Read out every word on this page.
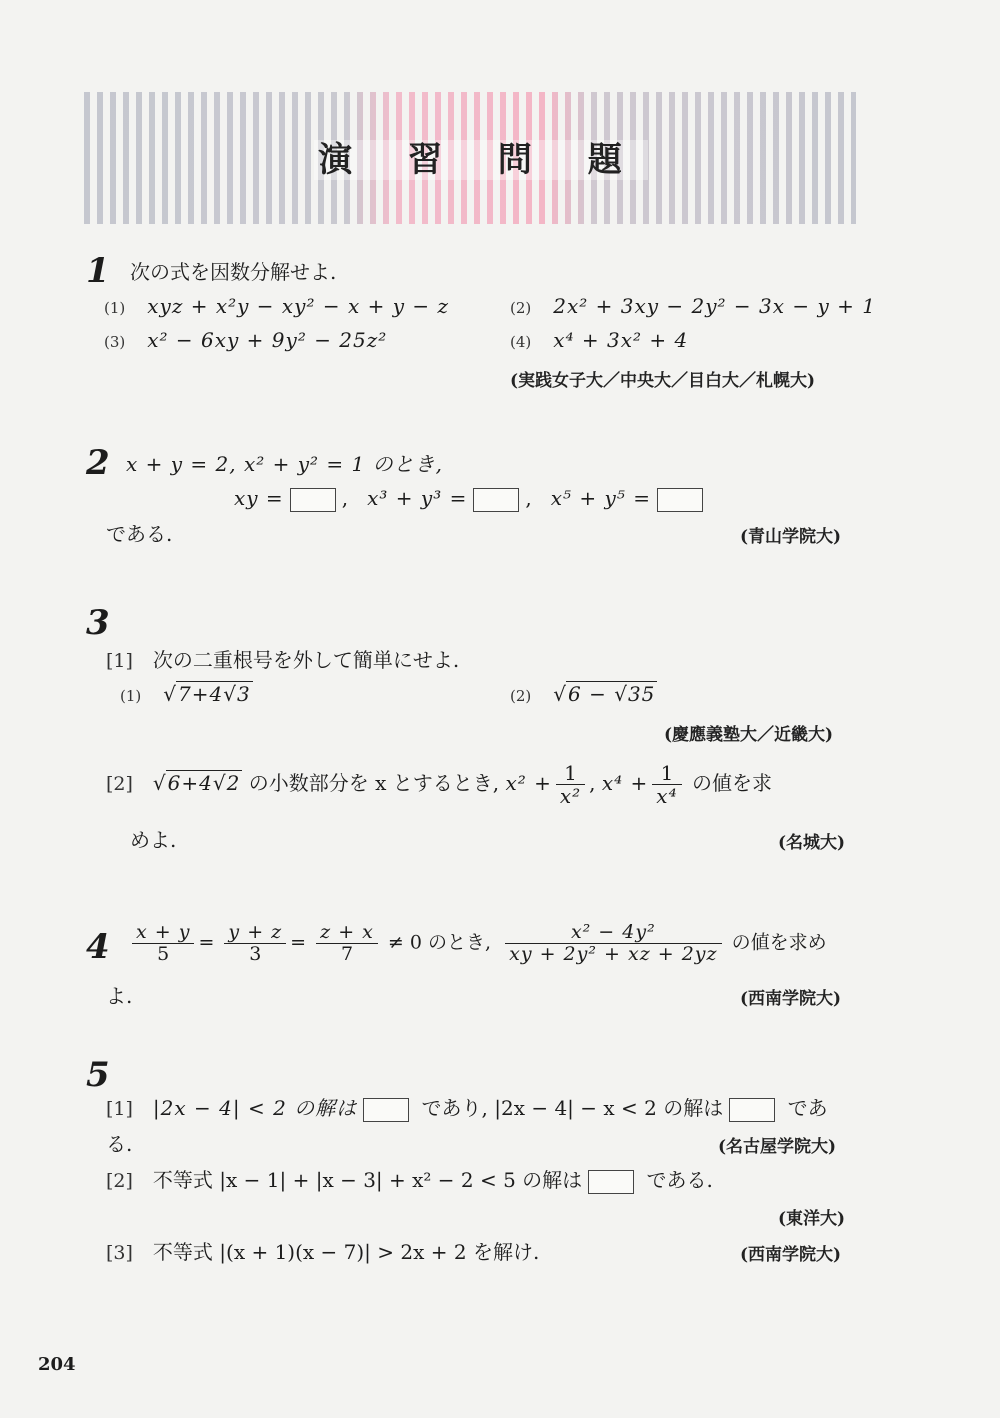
演 習 問 題
1 次の式を因数分解せよ.
(1) xyz + x²y − xy² − x + y − z	(2) 2x² + 3xy − 2y² − 3x − y + 1
(3) x² − 6xy + 9y² − 25z²	(4) x⁴ + 3x² + 4
(実践女子大／中央大／目白大／札幌大)
2 x + y = 2, x² + y² = 1 のとき,
xy =	, x³ + y³ =	, x⁵ + y⁵ =
である.	(青山学院大)
3
[1] 次の二重根号を外して簡単にせよ.
(1) √ 7+4√3	(2) √ 6 − √35
(慶應義塾大／近畿大)
[2] √ 6+4√2 の小数部分を x とするとき, $x^2 + \frac{1}{\text{x²}}$ , $x^4 + \frac{1}{\text{x⁴}}$ の値を求
めよ.	(名城大)
$4 \frac{x + y}{5} = \frac{y + z}{3} = \frac{z + x}{7} \ne 0$ のとき, $\frac{\text{x² − 4y²}}{\text{xy + 2y² + xz + 2yz}}$ の値を求め
よ.	(西南学院大)
5
[1] |2x − 4| < 2 の解は	であり, |2x − 4| − x < 2 の解は	であ
る.	(名古屋学院大)
[2] 不等式 |x − 1| + |x − 3| + x² − 2 < 5 の解は	である.
(東洋大)
[3] 不等式 |(x + 1)(x − 7)| > 2x + 2 を解け.	(西南学院大)
204
